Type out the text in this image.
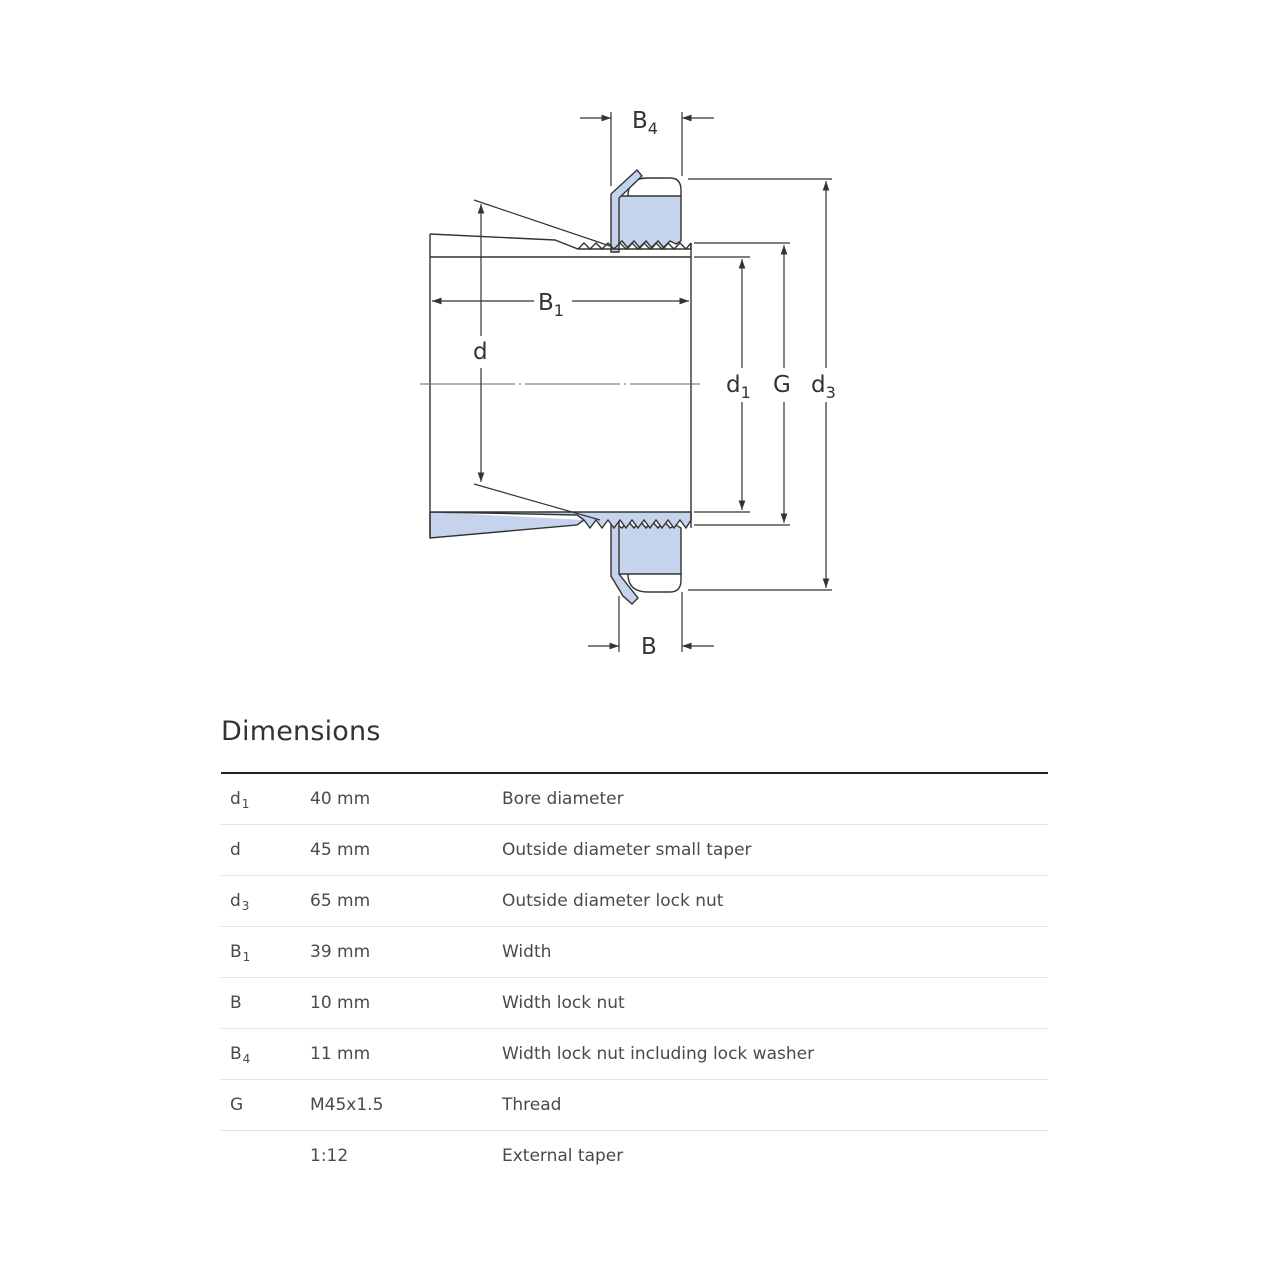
$B_4$
$B_1$
d
$d_1$ G $d_3$
B
Dimensions
$d_1$	40 mm	Bore diameter
d	45 mm	Outside diameter small taper
$d_3$	65 mm	Outside diameter lock nut
$B_1$	39 mm	Width
B	10 mm	Width lock nut
$B_4$	11 mm	Width lock nut including lock washer
G	M45x1.5	Thread
	1:12	External taper
